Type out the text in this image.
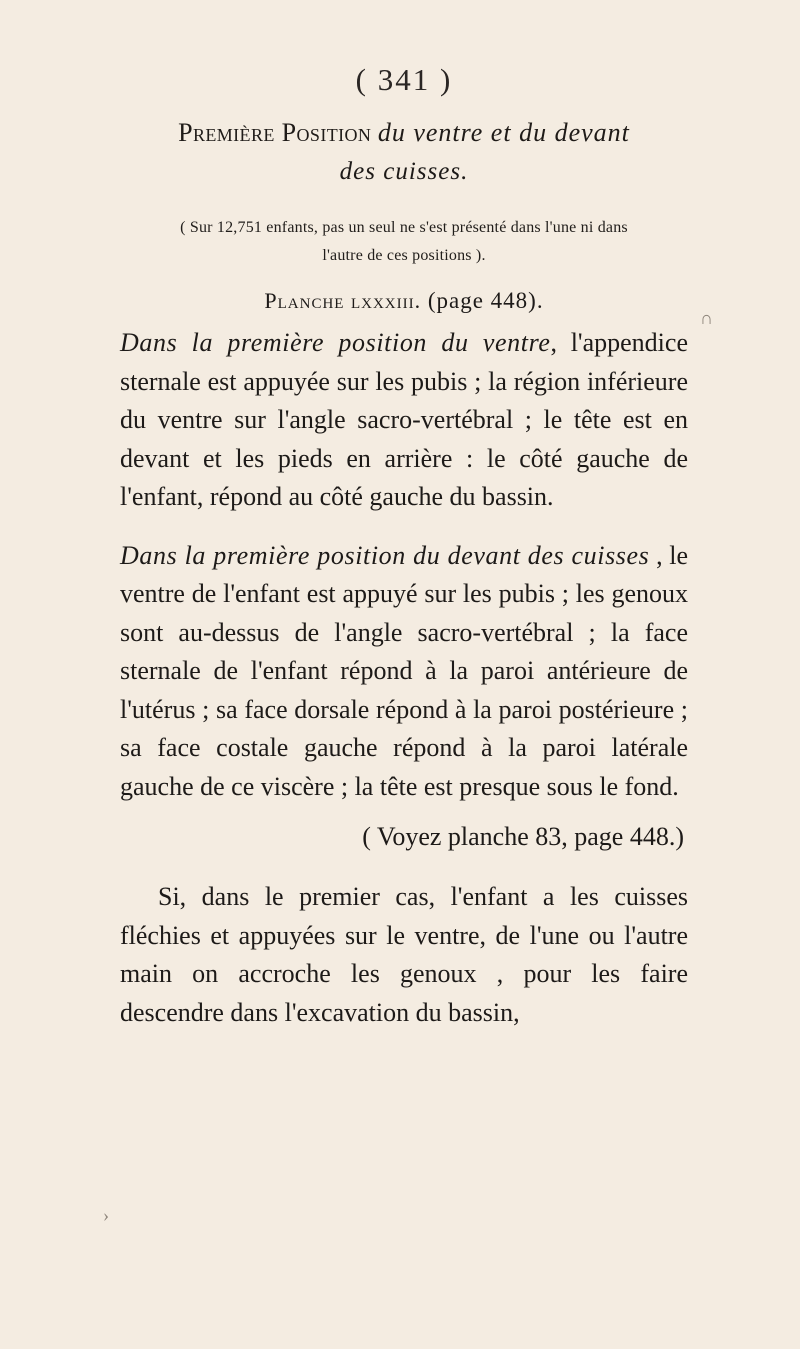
( 341 )
Première Position du ventre et du devant
des cuisses.
( Sur 12,751 enfants, pas un seul ne s'est présenté dans l'une ni dans
l'autre de ces positions ).
Planche lxxxiii. (page 448).

Dans la première position du ventre, l'appendice sternale est appuyée sur les pubis ; la région inférieure du ventre sur l'angle sacro-vertébral ; le tête est en devant et les pieds en arrière : le côté gauche de l'enfant, répond au côté gauche du bassin.

Dans la première position du devant des cuisses , le ventre de l'enfant est appuyé sur les pubis ; les genoux sont au-dessus de l'angle sacro-vertébral ; la face sternale de l'enfant répond à la paroi antérieure de l'utérus ; sa face dorsale répond à la paroi postérieure ; sa face costale gauche répond à la paroi latérale gauche de ce viscère ; la tête est presque sous le fond.

( Voyez planche 83, page 448.)

Si, dans le premier cas, l'enfant a les cuisses fléchies et appuyées sur le ventre, de l'une ou l'autre main on accroche les genoux , pour les faire descendre dans l'excavation du bassin,

∩
›
